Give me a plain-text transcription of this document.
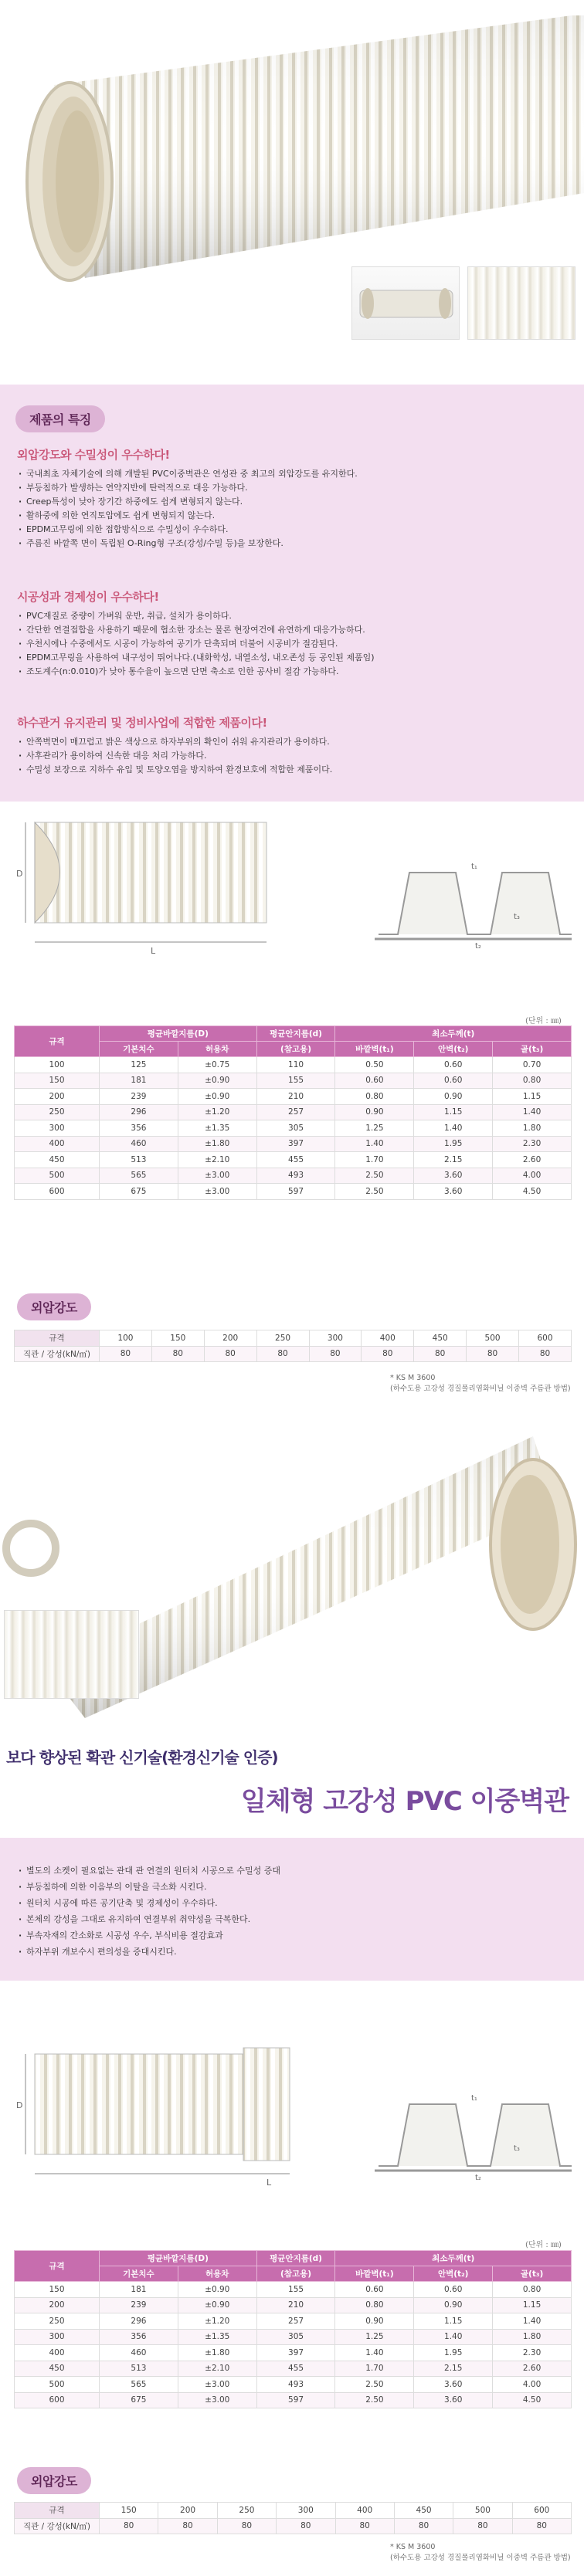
제품의 특징
외압강도와 수밀성이 우수하다!
· 국내최초 자체기술에 의해 개발된 PVC이중벽관은 연성관 중 최고의 외압강도를 유지한다.
· 부등침하가 발생하는 연약지반에 탄력적으로 대응 가능하다.
· Creep특성이 낮아 장기간 하중에도 쉽게 변형되지 않는다.
· 활하중에 의한 연직토압에도 쉽게 변형되지 않는다.
· EPDM고무링에 의한 접합방식으로 수밀성이 우수하다.
· 주름진 바깥쪽 면이 독립된 O-Ring형 구조(강성/수밀 등)을 보장한다.
시공성과 경제성이 우수하다!
· PVC재질로 중량이 가벼워 운반, 취급, 설치가 용이하다.
· 간단한 연결접합을 사용하기 때문에 협소한 장소는 물론 현장여건에 유연하게 대응가능하다.
· 우천시에나 수중에서도 시공이 가능하여 공기가 단축되며 더불어 시공비가 절감된다.
· EPDM고무링을 사용하여 내구성이 뛰어나다.(내화학성, 내열소성, 내오존성 등 공인된 제품임)
· 조도계수(n:0.010)가 낮아 통수율이 높으면 단면 축소로 인한 공사비 절감 가능하다.
하수관거 유지관리 및 정비사업에 적합한 제품이다!
· 안쪽벽면이 매끄럽고 밝은 색상으로 하자부위의 확인이 쉬워 유지관리가 용이하다.
· 사후관리가 용이하여 신속한 대응 처리 가능하다.
· 수밀성 보장으로 지하수 유입 및 토양오염을 방지하여 환경보호에 적합한 제품이다.
D
L
t₁
t₃
t₂
(단위 : ㎜)
규격	평균바깥지름(D)		평균안지름(d)	최소두께(t)		
	기본치수	허용차	(참고용)	바깥벽(t₁)	안벽(t₂)	골(t₃)
100	125	±0.75	110	0.50	0.60	0.70
150	181	±0.90	155	0.60	0.60	0.80
200	239	±0.90	210	0.80	0.90	1.15
250	296	±1.20	257	0.90	1.15	1.40
300	356	±1.35	305	1.25	1.40	1.80
400	460	±1.80	397	1.40	1.95	2.30
450	513	±2.10	455	1.70	2.15	2.60
500	565	±3.00	493	2.50	3.60	4.00
600	675	±3.00	597	2.50	3.60	4.50
외압강도
규격	100	150	200	250	300	400	450	500	600
직관 / 강성(kN/㎡)	80	80	80	80	80	80	80	80	80
* KS M 3600
(하수도용 고강성 경질폴리염화비닐 이중벽 주름관 방법)
보다 향상된 확관 신기술(환경신기술 인증)
일체형 고강성 PVC 이중벽관
· 별도의 소켓이 필요없는 관대 관 연결의 원터치 시공으로 수밀성 증대
· 부등침하에 의한 이음부의 이탈을 극소화 시킨다.
· 원터치 시공에 따른 공기단축 및 경제성이 우수하다.
· 본체의 강성을 그대로 유지하여 연결부위 취약성을 극복한다.
· 부속자재의 간소화로 시공성 우수, 부식비용 절감효과
· 하자부위 개보수시 편의성을 증대시킨다.
D
L
t₁
t₃
t₂
(단위 : ㎜)
규격	평균바깥지름(D)		평균안지름(d)	최소두께(t)		
	기본치수	허용차	(참고용)	바깥벽(t₁)	안벽(t₂)	골(t₃)
150	181	±0.90	155	0.60	0.60	0.80
200	239	±0.90	210	0.80	0.90	1.15
250	296	±1.20	257	0.90	1.15	1.40
300	356	±1.35	305	1.25	1.40	1.80
400	460	±1.80	397	1.40	1.95	2.30
450	513	±2.10	455	1.70	2.15	2.60
500	565	±3.00	493	2.50	3.60	4.00
600	675	±3.00	597	2.50	3.60	4.50
외압강도
규격	150	200	250	300	400	450	500	600
직관 / 강성(kN/㎡)	80	80	80	80	80	80	80	80
* KS M 3600
(하수도용 고강성 경질폴리염화비닐 이중벽 주름관 방법)
